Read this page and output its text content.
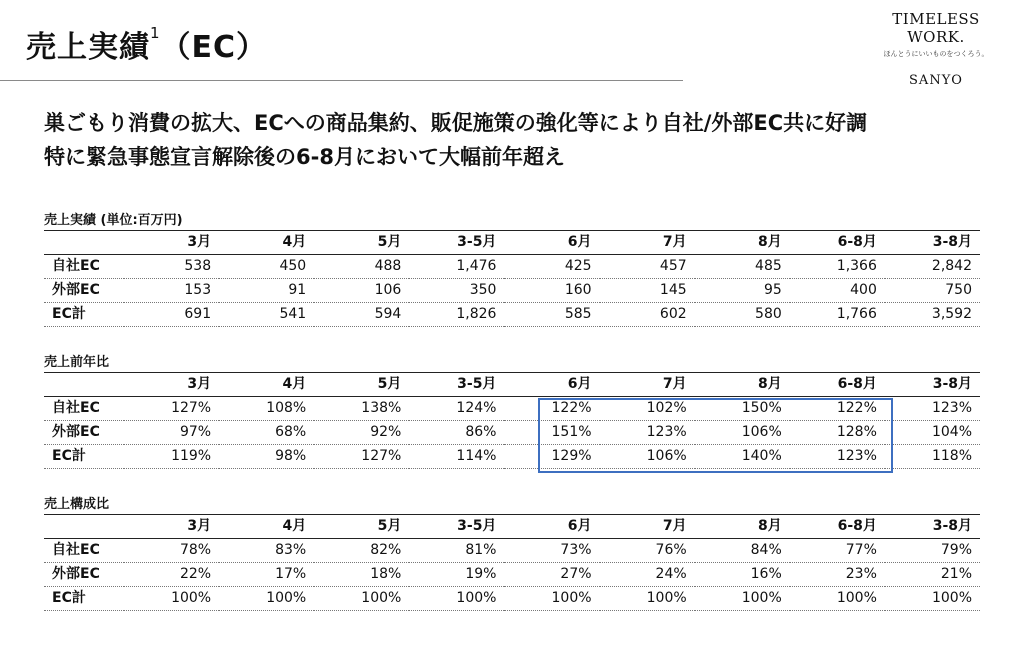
売上実績$^1$（EC）
TIMELESS WORK.
ほんとうにいいものをつくろう。
SANYO
巣ごもり消費の拡大、ECへの商品集約、販促施策の強化等により自社/外部EC共に好調
特に緊急事態宣言解除後の6-8月において大幅前年超え
売上実績 (単位:百万円)
	3月	4月	5月	3-5月	6月	7月	8月	6-8月	3-8月
自社EC	538	450	488	1,476	425	457	485	1,366	2,842
外部EC	153	91	106	350	160	145	95	400	750
EC計	691	541	594	1,826	585	602	580	1,766	3,592
売上前年比
	3月	4月	5月	3-5月	6月	7月	8月	6-8月	3-8月
自社EC	127%	108%	138%	124%	122%	102%	150%	122%	123%
外部EC	97%	68%	92%	86%	151%	123%	106%	128%	104%
EC計	119%	98%	127%	114%	129%	106%	140%	123%	118%
売上構成比
	3月	4月	5月	3-5月	6月	7月	8月	6-8月	3-8月
自社EC	78%	83%	82%	81%	73%	76%	84%	77%	79%
外部EC	22%	17%	18%	19%	27%	24%	16%	23%	21%
EC計	100%	100%	100%	100%	100%	100%	100%	100%	100%
